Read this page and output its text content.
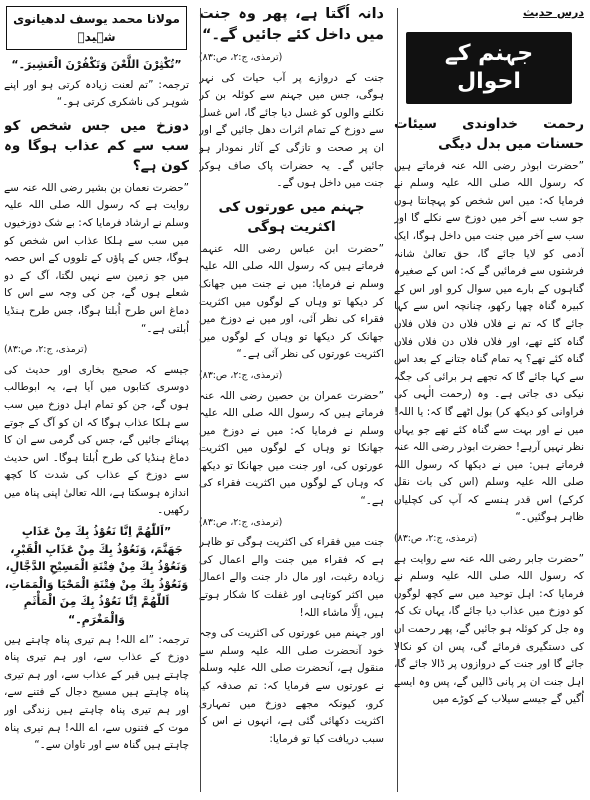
درس حدیث
جہنم کے احوال
رحمت خداوندی سیئات حسنات میں بدل دیگی

”حضرت ابوذر رضی اللہ عنہ فرماتے ہیں کہ رسول اللہ صلی اللہ علیہ وسلم نے فرمایا کہ: میں اس شخص کو پہچانتا ہوں جو سب سے آخر میں دوزخ سے نکلے گا اور سب سے آخر میں جنت میں داخل ہوگا، ایک آدمی کو لایا جائے گا، حق تعالیٰ شانہ فرشتوں سے فرمائیں گے کہ: اس کے صغیرہ گناہوں کے بارے میں سوال کرو اور اس کے کبیرہ گناہ چھپا رکھو، چنانچہ اس سے کہا جائے گا کہ تم نے فلاں فلاں دن فلاں فلاں گناہ کئے تھے، اور فلاں فلاں دن فلاں فلاں گناہ کئے تھے؟ یہ تمام گناہ جتانے کے بعد اس سے کہا جائے گا کہ تجھے ہر برائی کی جگہ نیکی دی جاتی ہے۔ وہ (رحمت الٰہی کی فراوانی کو دیکھ کر) بول اٹھے گا کہ: یا اللہ! میں نے اور بہت سے گناہ کئے تھے جو یہاں نظر نہیں آرہے! حضرت ابوذر رضی اللہ عنہ فرماتے ہیں: میں نے دیکھا کہ رسول اللہ صلی اللہ علیہ وسلم (اس کی بات نقل کرکے) اس قدر ہنسے کہ آپ کی کچلیاں ظاہر ہوگئیں۔“

(ترمذی، ج:۲، ص:۸۳)

”حضرت جابر رضی اللہ عنہ سے روایت ہے کہ رسول اللہ صلی اللہ علیہ وسلم نے فرمایا کہ: اہل توحید میں سے کچھ لوگوں کو دوزخ میں عذاب دیا جائے گا، یہاں تک کہ وہ جل کر کوئلہ ہو جائیں گے، پھر رحمت ان کی دستگیری فرمائے گی، پس ان کو نکالا جائے گا اور جنت کے دروازوں پر ڈالا جائے گا، اہل جنت ان پر پانی ڈالیں گے، پس وہ ایسے اُگیں گے جیسے سیلاب کے کوڑے میں

دانہ اُگتا ہے، پھر وہ جنت میں داخل کئے جائیں گے۔“

(ترمذی، ج:۲، ص:۸۳)

جنت کے دروازے پر آب حیات کی نہر ہوگی، جس میں جہنم سے کوئلہ بن کر نکلنے والوں کو غسل دیا جائے گا، اس غسل سے دوزخ کے تمام اثرات دھل جائیں گے اور ان پر صحت و تازگی کے آثار نمودار ہو جائیں گے۔ یہ حضرات پاک صاف ہوکر جنت میں داخل ہوں گے۔

جہنم میں عورتوں کی اکثریت ہوگی

”حضرت ابن عباس رضی اللہ عنہما فرماتے ہیں کہ رسول اللہ صلی اللہ علیہ وسلم نے فرمایا: میں نے جنت میں جھانک کر دیکھا تو وہاں کے لوگوں میں اکثریت فقراء کی نظر آئی، اور میں نے دوزخ میں جھانک کر دیکھا تو وہاں کے لوگوں میں اکثریت عورتوں کی نظر آئی ہے۔“

(ترمذی، ج:۲، ص:۸۳)

”حضرت عمران بن حصین رضی اللہ عنہ فرماتے ہیں کہ رسول اللہ صلی اللہ علیہ وسلم نے فرمایا کہ: میں نے دوزخ میں جھانکا تو وہاں کے لوگوں میں اکثریت عورتوں کی، اور جنت میں جھانکا تو دیکھا کہ وہاں کے لوگوں میں اکثریت فقراء کی ہے۔“

(ترمذی، ج:۲، ص:۸۳)

جنت میں فقراء کی اکثریت ہوگی تو ظاہر ہے کہ فقراء میں جنت والے اعمال کی زیادہ رغبت، اور مال دار جنت والے اعمال میں اکثر کوتاہی اور غفلت کا شکار ہوتے ہیں، اِلَّا ماشاء اللہ!

اور جہنم میں عورتوں کی اکثریت کی وجہ خود آنحضرت صلی اللہ علیہ وسلم سے منقول ہے، آنحضرت صلی اللہ علیہ وسلم نے عورتوں سے فرمایا کہ: تم صدقہ کیا کرو، کیونکہ مجھے دوزخ میں تمہاری اکثریت دکھائی گئی ہے، انہوں نے اس کا سبب دریافت کیا تو فرمایا:

مولانا محمد یوسف لدھیانوی شہیدؒ

”تُكْثِرْنَ اللَّعْنَ وَتَكْفُرْنَ الْعَشِيرَ۔“

ترجمہ: ”تم لعنت زیادہ کرتی ہو اور اپنے شوہر کی ناشکری کرتی ہو۔“

دوزخ میں جس شخص کو سب سے کم عذاب ہوگا وہ کون ہے؟

”حضرت نعمان بن بشیر رضی اللہ عنہ سے روایت ہے کہ رسول اللہ صلی اللہ علیہ وسلم نے ارشاد فرمایا کہ: بے شک دوزخیوں میں سب سے ہلکا عذاب اس شخص کو ہوگا، جس کے پاؤں کے تلووں کے اس حصہ میں جو زمین سے نہیں لگتا، آگ کے دو شعلے ہوں گے، جن کی وجہ سے اس کا دماغ اس طرح اُبلتا ہوگا، جس طرح ہنڈیا اُبلتی ہے۔“

(ترمذی، ج:۲، ص:۸۳)

جیسے کہ صحیح بخاری اور حدیث کی دوسری کتابوں میں آیا ہے، یہ ابوطالب ہوں گے، جن کو تمام اہل دوزخ میں سب سے ہلکا عذاب ہوگا کہ ان کو آگ کے جوتے پہنائے جائیں گے، جس کی گرمی سے ان کا دماغ ہنڈیا کی طرح اُبلتا ہوگا۔ اس حدیث سے دوزخ کے عذاب کی شدت کا کچھ اندازہ ہوسکتا ہے، اللہ تعالیٰ اپنی پناہ میں رکھیں۔

”اَللّٰهُمَّ اِنَّا نَعُوْذُ بِكَ مِنْ عَذَابِ جَهَنَّمَ، وَنَعُوْذُ بِكَ مِنْ عَذَابِ الْقَبْرِ، وَنَعُوْذُ بِكَ مِنْ فِتْنَةِ الْمَسِيْحِ الدَّجَّالِ، وَنَعُوْذُ بِكَ مِنْ فِتْنَةِ الْمَحْيَا وَالْمَمَاتِ، اَللّٰهُمَّ اِنَّا نَعُوْذُ بِكَ مِنَ الْمَأْثَمِ وَالْمَغْرَمِ۔“

ترجمہ: ”اے اللہ! ہم تیری پناہ چاہتے ہیں دوزخ کے عذاب سے، اور ہم تیری پناہ چاہتے ہیں قبر کے عذاب سے، اور ہم تیری پناہ چاہتے ہیں مسیح دجال کے فتنے سے، اور ہم تیری پناہ چاہتے ہیں زندگی اور موت کے فتنوں سے، اے اللہ! ہم تیری پناہ چاہتے ہیں گناہ سے اور تاوان سے۔“
